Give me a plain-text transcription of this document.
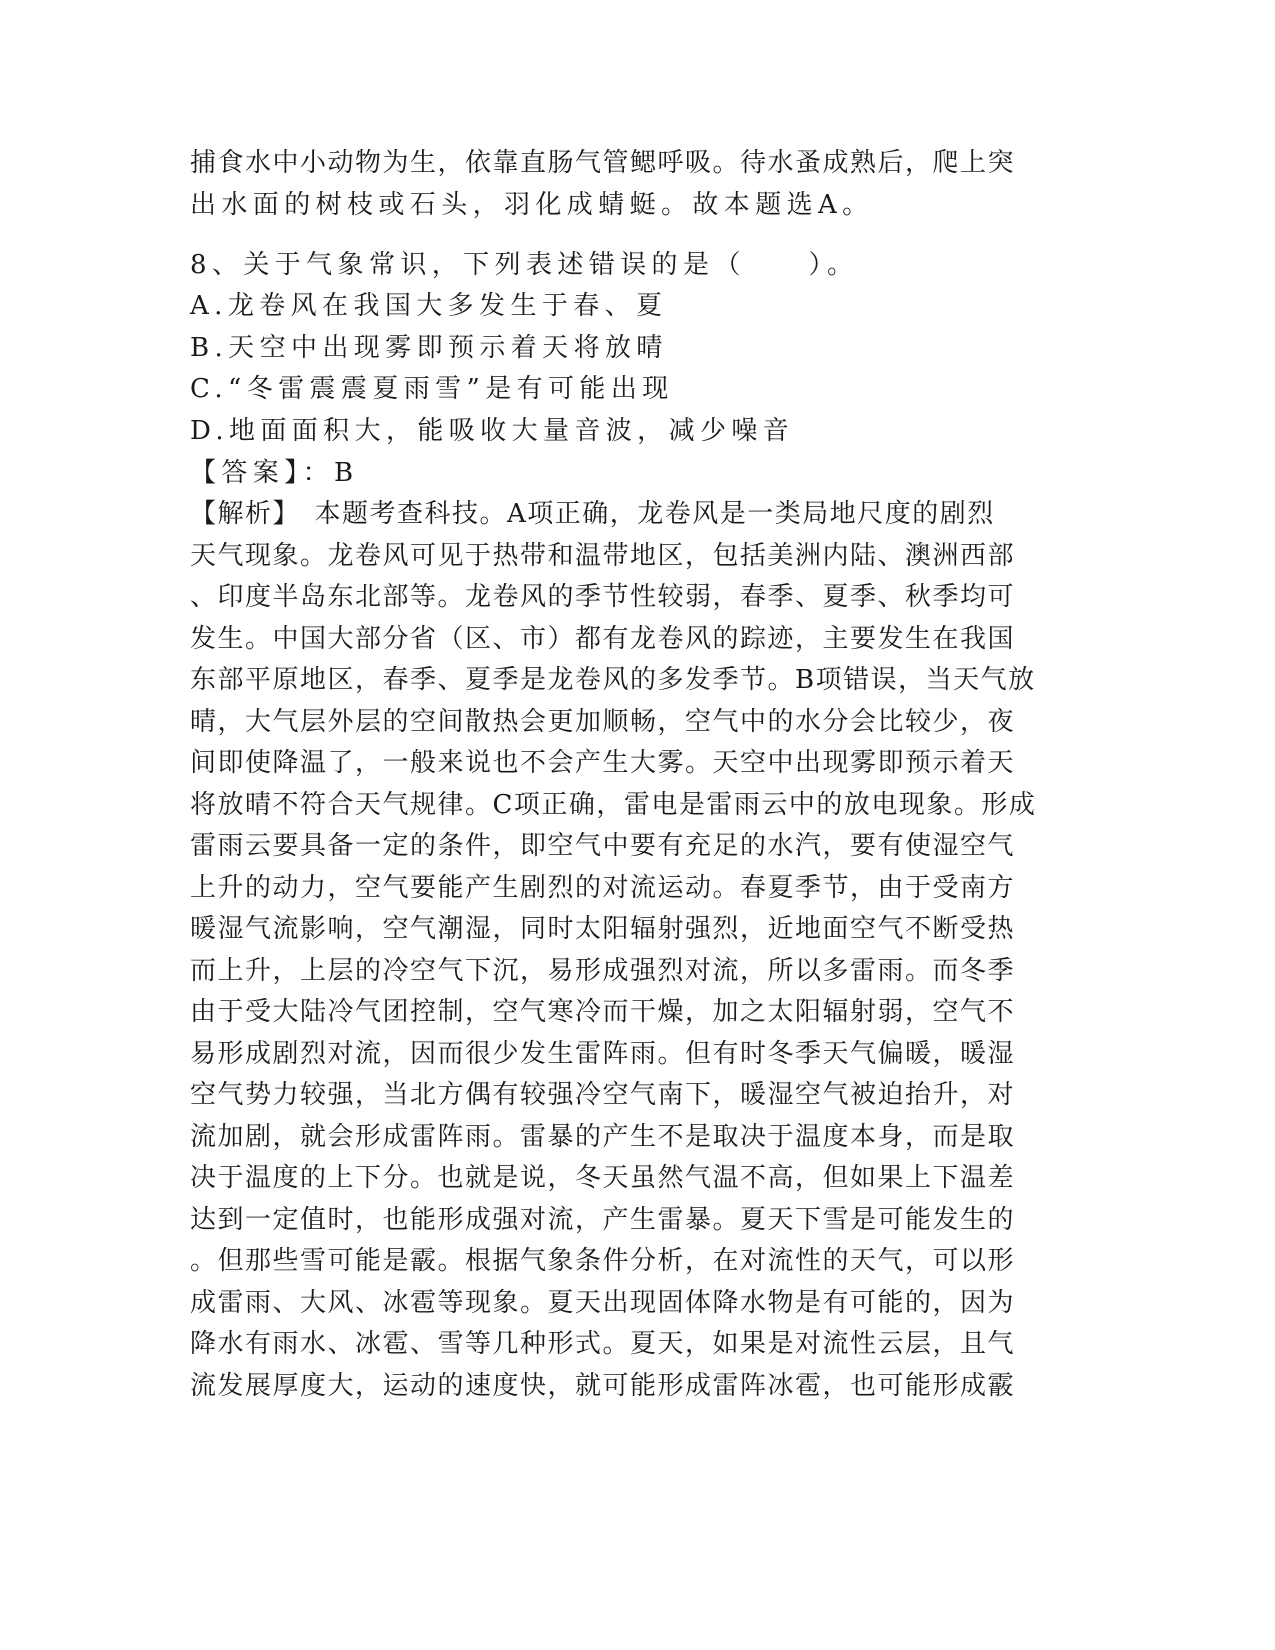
捕食水中小动物为生，依靠直肠气管鳃呼吸。待水蚤成熟后，爬上突

出水面的树枝或石头，羽化成蜻蜓。故本题选A。

8、关于气象常识，下列表述错误的是（　　）。

A.龙卷风在我国大多发生于春、夏

B.天空中出现雾即预示着天将放晴

C.“冬雷震震夏雨雪”是有可能出现

D.地面面积大，能吸收大量音波，减少噪音

【答案】：B

【解析】　本题考查科技。A项正确，龙卷风是一类局地尺度的剧烈

天气现象。龙卷风可见于热带和温带地区，包括美洲内陆、澳洲西部

、印度半岛东北部等。龙卷风的季节性较弱，春季、夏季、秋季均可

发生。中国大部分省（区、市）都有龙卷风的踪迹，主要发生在我国

东部平原地区，春季、夏季是龙卷风的多发季节。B项错误，当天气放

晴，大气层外层的空间散热会更加顺畅，空气中的水分会比较少，夜

间即使降温了，一般来说也不会产生大雾。天空中出现雾即预示着天

将放晴不符合天气规律。C项正确，雷电是雷雨云中的放电现象。形成

雷雨云要具备一定的条件，即空气中要有充足的水汽，要有使湿空气

上升的动力，空气要能产生剧烈的对流运动。春夏季节，由于受南方

暖湿气流影响，空气潮湿，同时太阳辐射强烈，近地面空气不断受热

而上升，上层的冷空气下沉，易形成强烈对流，所以多雷雨。而冬季

由于受大陆冷气团控制，空气寒冷而干燥，加之太阳辐射弱，空气不

易形成剧烈对流，因而很少发生雷阵雨。但有时冬季天气偏暖，暖湿

空气势力较强，当北方偶有较强冷空气南下，暖湿空气被迫抬升，对

流加剧，就会形成雷阵雨。雷暴的产生不是取决于温度本身，而是取

决于温度的上下分。也就是说，冬天虽然气温不高，但如果上下温差

达到一定值时，也能形成强对流，产生雷暴。夏天下雪是可能发生的

。但那些雪可能是霰。根据气象条件分析，在对流性的天气，可以形

成雷雨、大风、冰雹等现象。夏天出现固体降水物是有可能的，因为

降水有雨水、冰雹、雪等几种形式。夏天，如果是对流性云层，且气

流发展厚度大，运动的速度快，就可能形成雷阵冰雹，也可能形成霰
